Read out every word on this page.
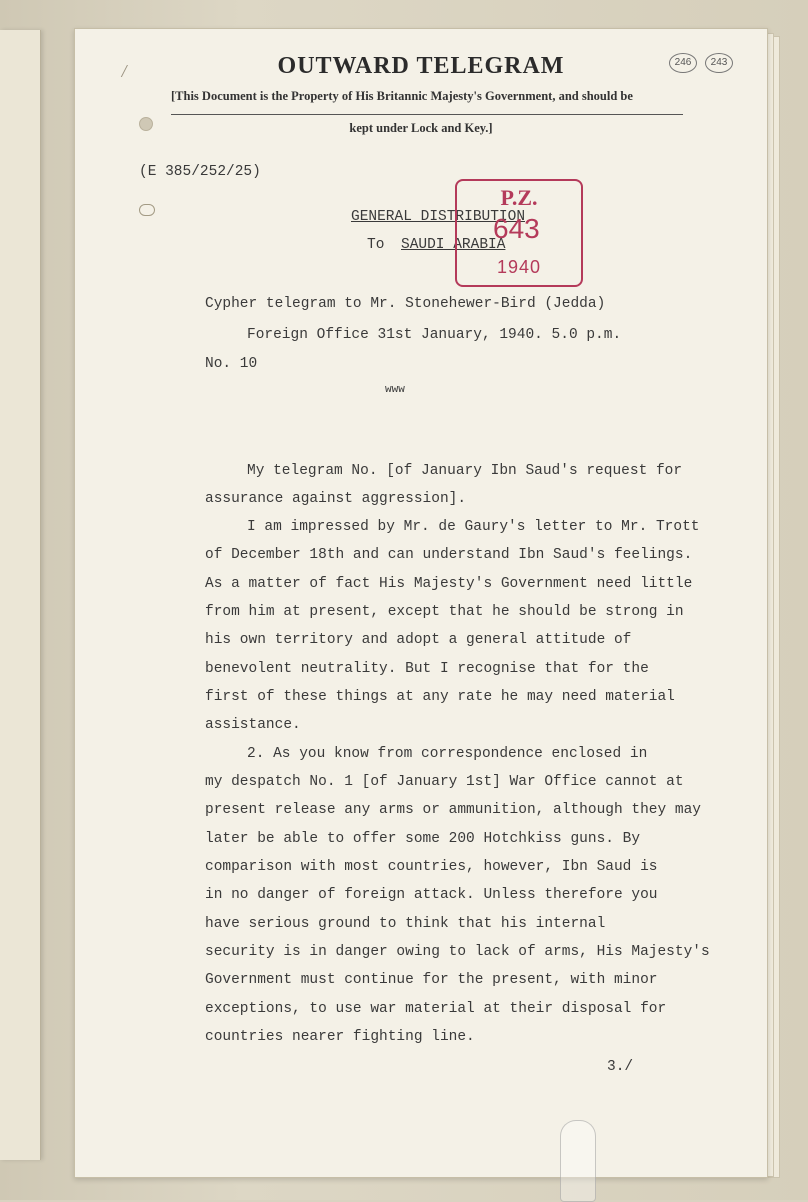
⁄	OUTWARD TELEGRAM	246	243
[This Document is the Property of His Britannic Majesty's Government, and should be
kept under Lock and Key.]
(E 385/252/25)
GENERAL DISTRIBUTION
To SAUDI ARABIA
P.Z.
643
1940
Cypher telegram to Mr. Stonehewer-Bird (Jedda)
Foreign Office 31st January, 1940. 5.0 p.m.
No. 10
www
My telegram No. [of January Ibn Saud's request for
assurance against aggression].
I am impressed by Mr. de Gaury's letter to Mr. Trott
of December 18th and can understand Ibn Saud's feelings.
As a matter of fact His Majesty's Government need little
from him at present, except that he should be strong in
his own territory and adopt a general attitude of
benevolent neutrality. But I recognise that for the
first of these things at any rate he may need material
assistance.
2. As you know from correspondence enclosed in
my despatch No. 1 [of January 1st] War Office cannot at
present release any arms or ammunition, although they may
later be able to offer some 200 Hotchkiss guns. By
comparison with most countries, however, Ibn Saud is
in no danger of foreign attack. Unless therefore you
have serious ground to think that his internal
security is in danger owing to lack of arms, His Majesty's
Government must continue for the present, with minor
exceptions, to use war material at their disposal for
countries nearer fighting line.
3./
